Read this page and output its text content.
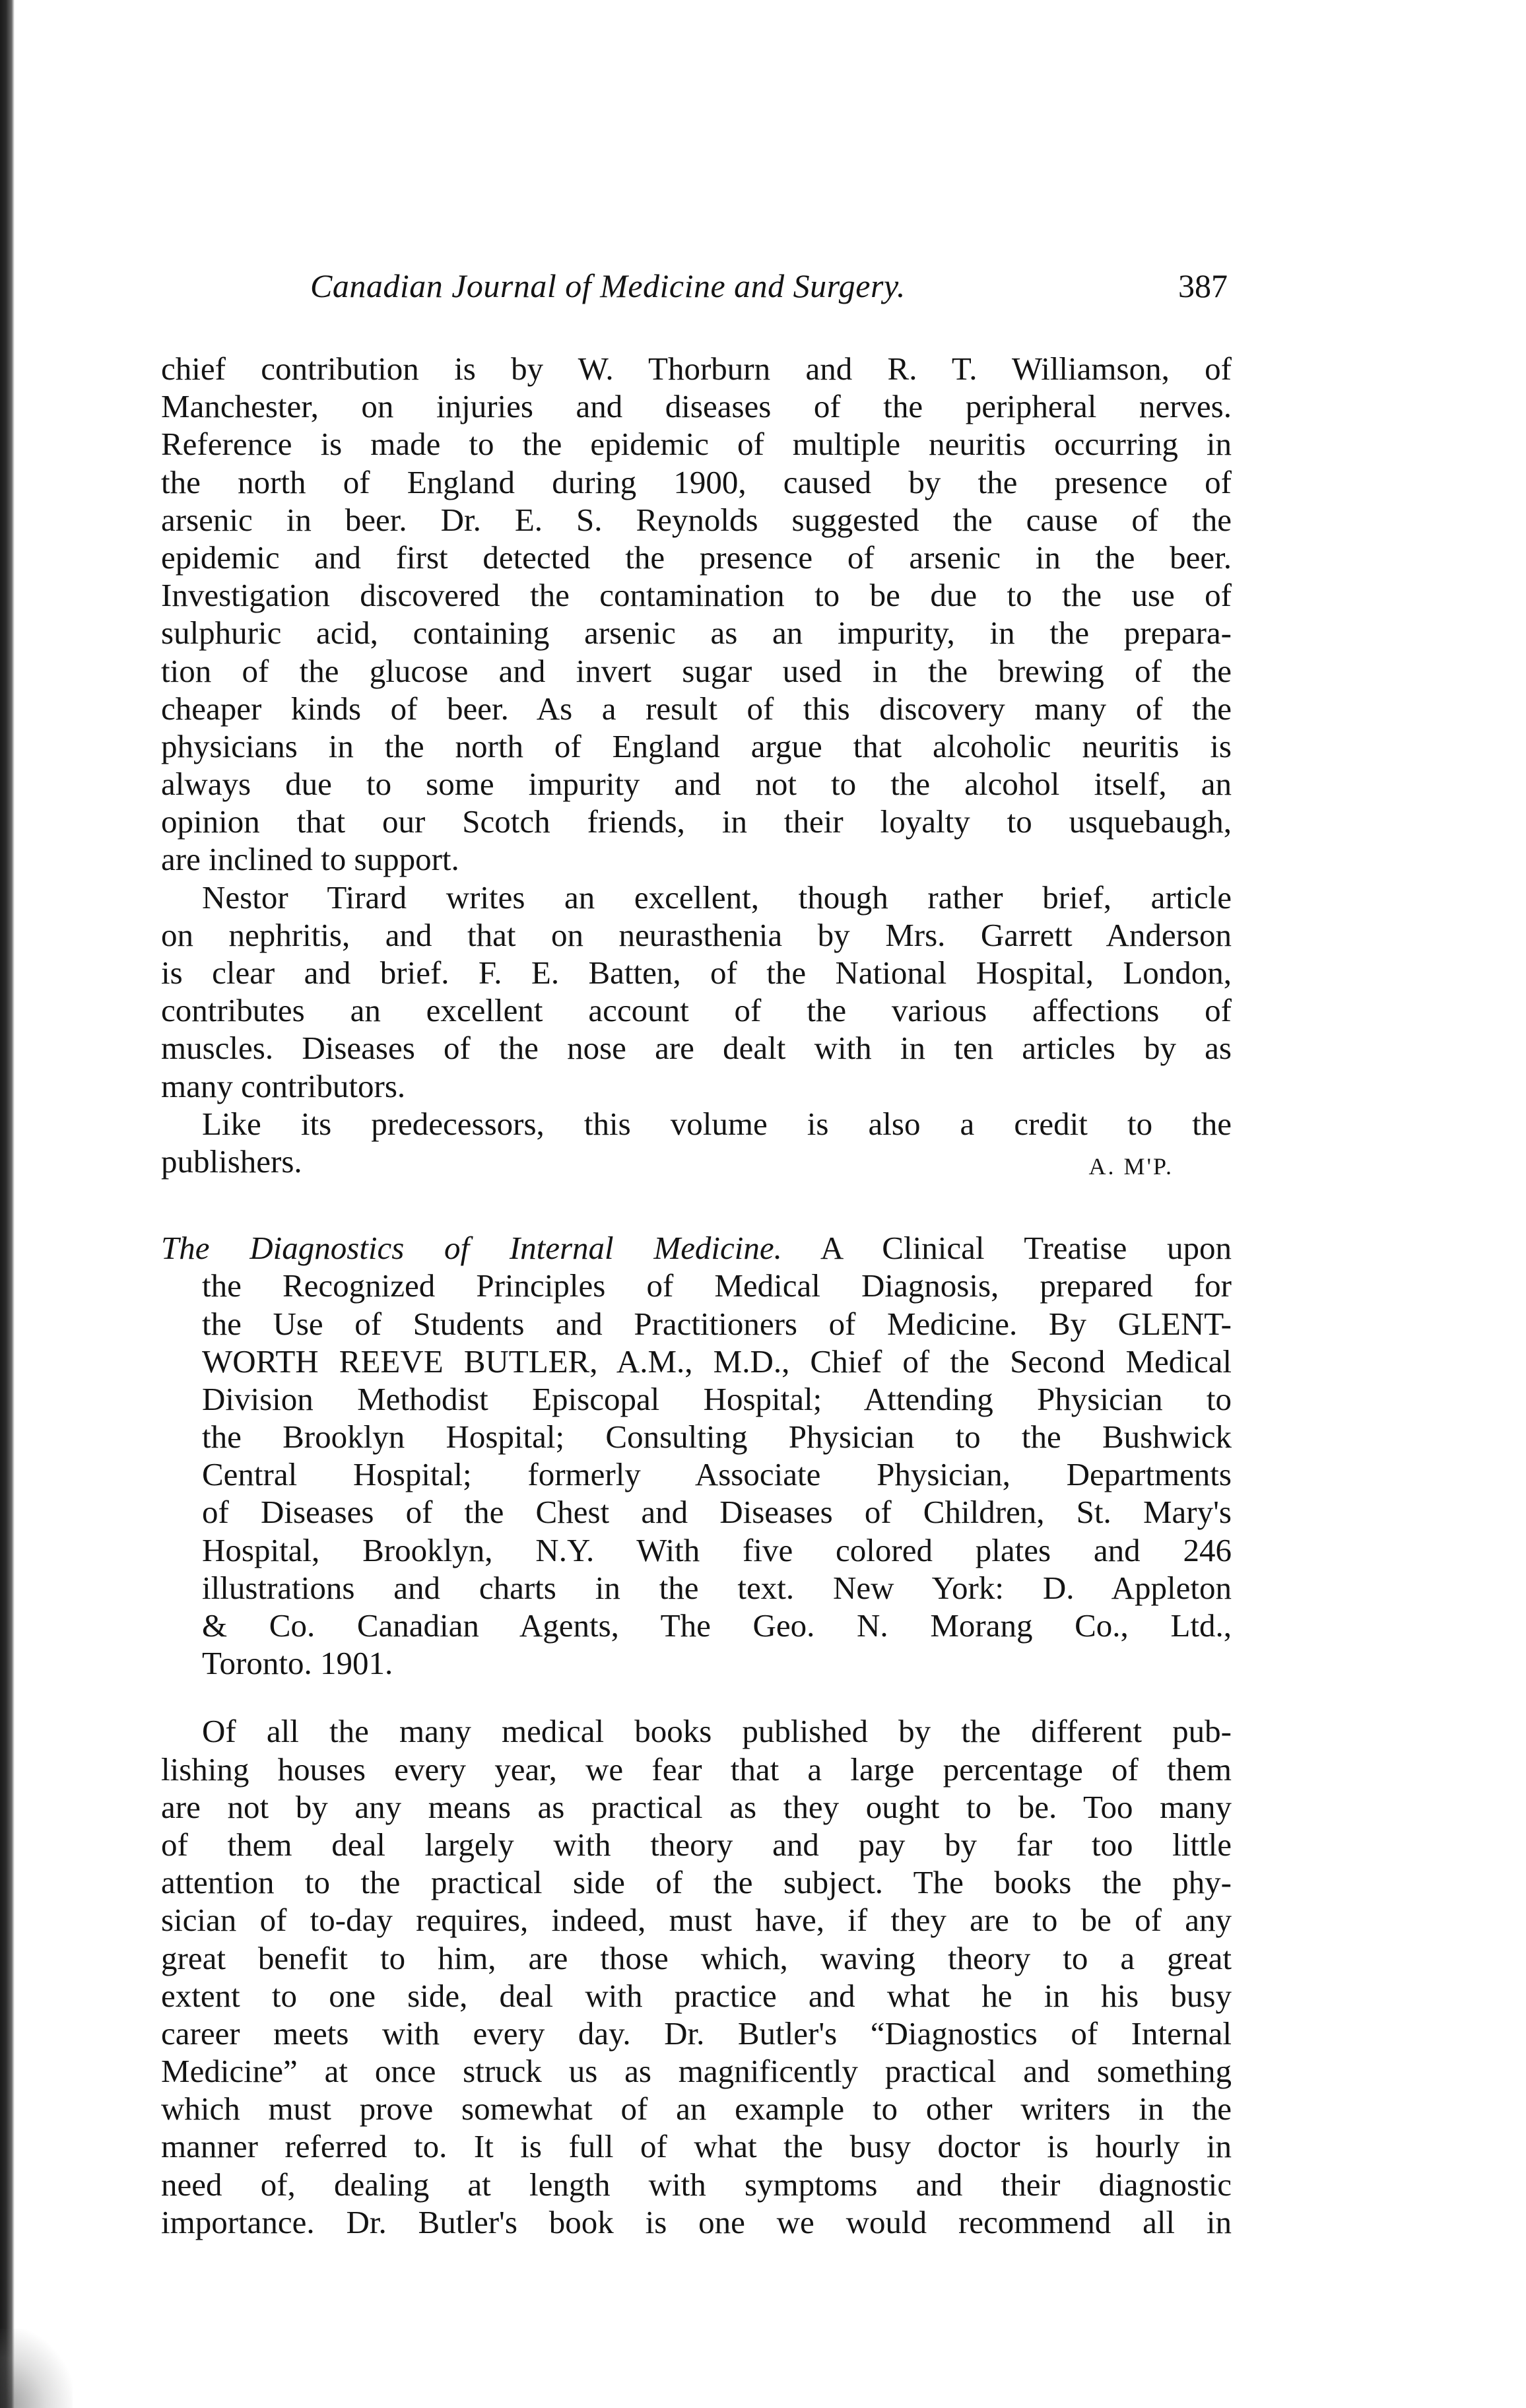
Canadian Journal of Medicine and Surgery.	387
chief contribution is by W. Thorburn and R. T. Williamson, of
Manchester, on injuries and diseases of the peripheral nerves.
Reference is made to the epidemic of multiple neuritis occurring in
the north of England during 1900, caused by the presence of
arsenic in beer. Dr. E. S. Reynolds suggested the cause of the
epidemic and first detected the presence of arsenic in the beer.
Investigation discovered the contamination to be due to the use of
sulphuric acid, containing arsenic as an impurity, in the prepara-
tion of the glucose and invert sugar used in the brewing of the
cheaper kinds of beer. As a result of this discovery many of the
physicians in the north of England argue that alcoholic neuritis is
always due to some impurity and not to the alcohol itself, an
opinion that our Scotch friends, in their loyalty to usquebaugh,
are inclined to support.
Nestor Tirard writes an excellent, though rather brief, article
on nephritis, and that on neurasthenia by Mrs. Garrett Anderson
is clear and brief. F. E. Batten, of the National Hospital, London,
contributes an excellent account of the various affections of
muscles. Diseases of the nose are dealt with in ten articles by as
many contributors.
Like its predecessors, this volume is also a credit to the
publishers.	A. M'P.
The Diagnostics of Internal Medicine. A Clinical Treatise upon
the Recognized Principles of Medical Diagnosis, prepared for
the Use of Students and Practitioners of Medicine. By GLENT-
WORTH REEVE BUTLER, A.M., M.D., Chief of the Second Medical
Division Methodist Episcopal Hospital; Attending Physician to
the Brooklyn Hospital; Consulting Physician to the Bushwick
Central Hospital; formerly Associate Physician, Departments
of Diseases of the Chest and Diseases of Children, St. Mary's
Hospital, Brooklyn, N.Y. With five colored plates and 246
illustrations and charts in the text. New York: D. Appleton
& Co. Canadian Agents, The Geo. N. Morang Co., Ltd.,
Toronto. 1901.
Of all the many medical books published by the different pub-
lishing houses every year, we fear that a large percentage of them
are not by any means as practical as they ought to be. Too many
of them deal largely with theory and pay by far too little
attention to the practical side of the subject. The books the phy-
sician of to-day requires, indeed, must have, if they are to be of any
great benefit to him, are those which, waving theory to a great
extent to one side, deal with practice and what he in his busy
career meets with every day. Dr. Butler's “Diagnostics of Internal
Medicine” at once struck us as magnificently practical and something
which must prove somewhat of an example to other writers in the
manner referred to. It is full of what the busy doctor is hourly in
need of, dealing at length with symptoms and their diagnostic
importance. Dr. Butler's book is one we would recommend all in
